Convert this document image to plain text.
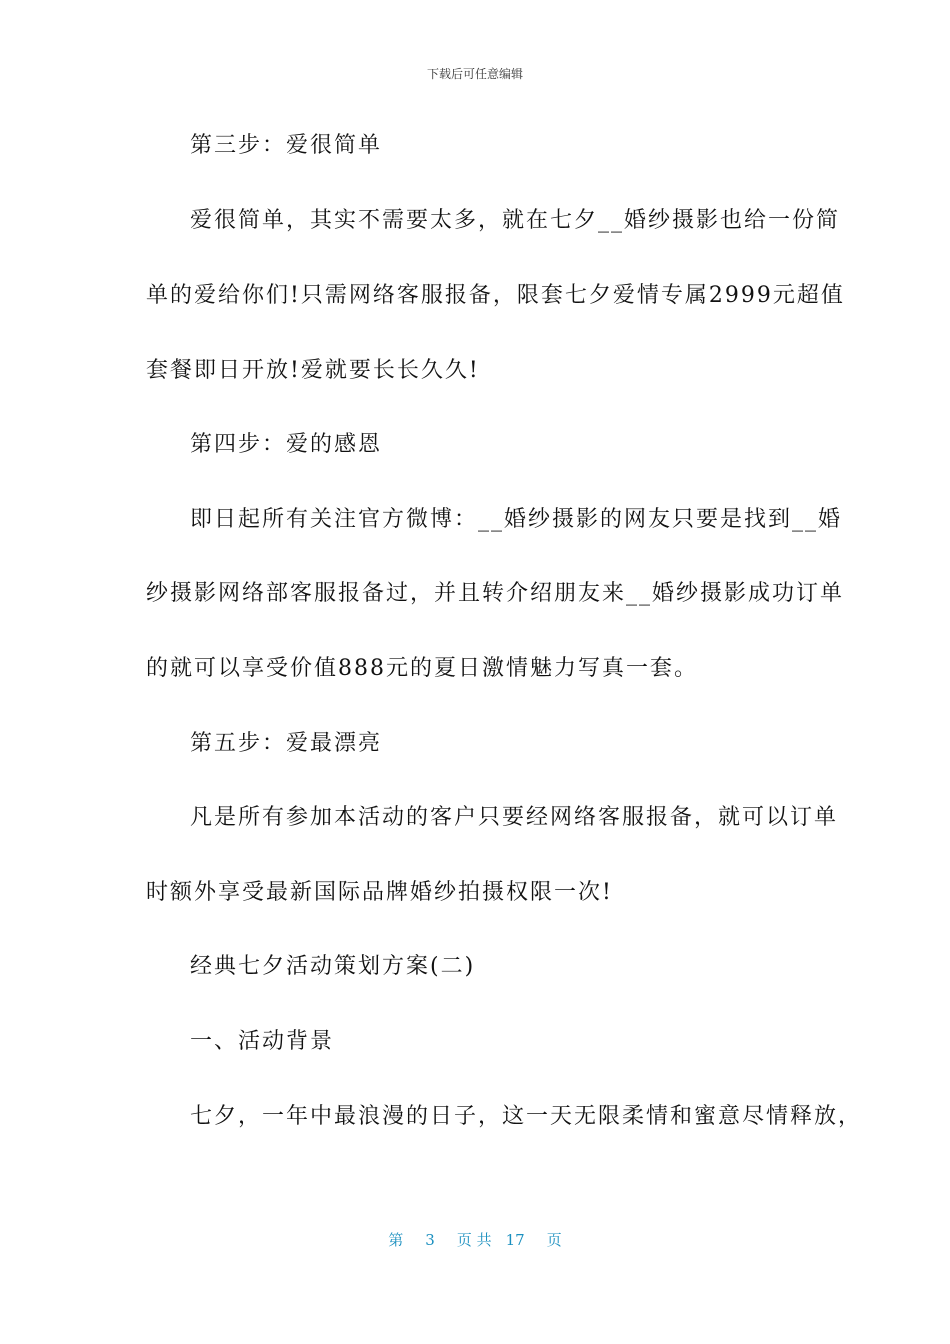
下载后可任意编辑
第三步：爱很简单
爱很简单，其实不需要太多，就在七夕__婚纱摄影也给一份简
单的爱给你们!只需网络客服报备，限套七夕爱情专属2999元超值
套餐即日开放!爱就要长长久久!
第四步：爱的感恩
即日起所有关注官方微博：__婚纱摄影的网友只要是找到__婚
纱摄影网络部客服报备过，并且转介绍朋友来__婚纱摄影成功订单
的就可以享受价值888元的夏日激情魅力写真一套。
第五步：爱最漂亮
凡是所有参加本活动的客户只要经网络客服报备，就可以订单
时额外享受最新国际品牌婚纱拍摄权限一次!
经典七夕活动策划方案(二)
一、活动背景
七夕，一年中最浪漫的日子，这一天无限柔情和蜜意尽情释放，
第 3 页 共 17 页
